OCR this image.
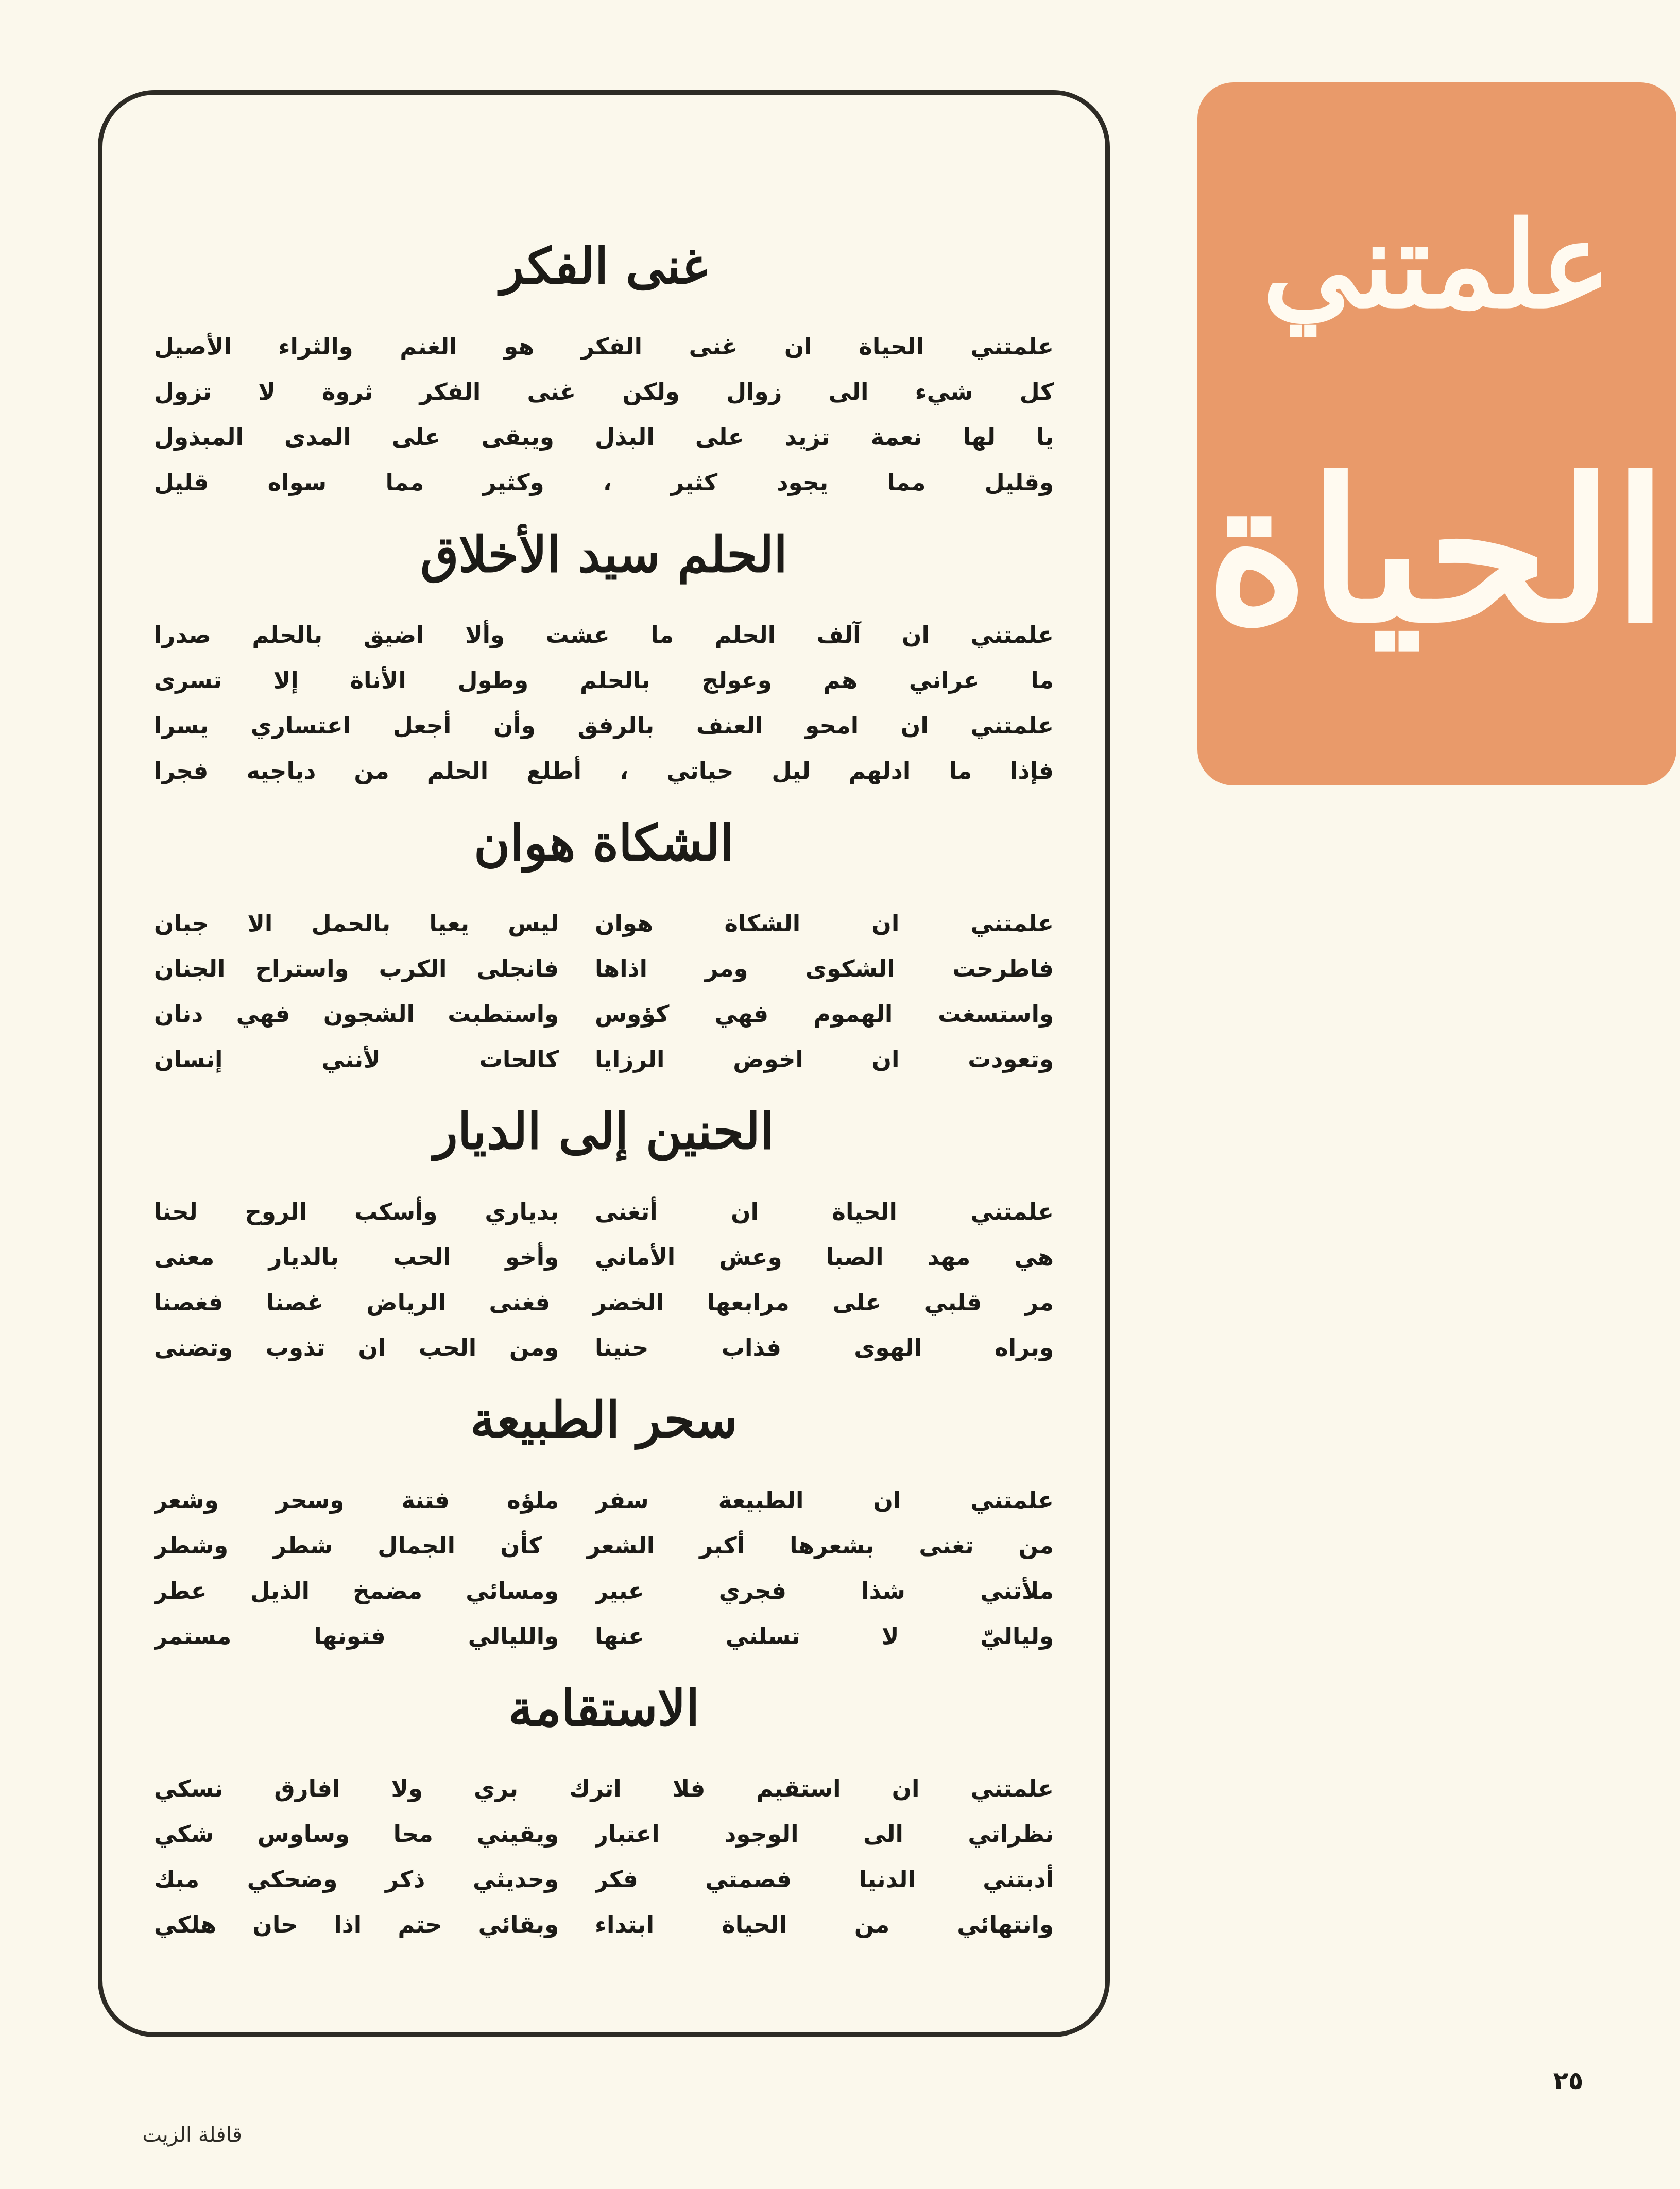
علمتني
الحياة
غنى الفكر
علمتني الحياة ان غنى الفكر هو الغنم والثراء الأصيل
كل شيء الى زوال ولكن غنى الفكر ثروة لا تزول
يا لها نعمة تزيد على البذل ويبقى على المدى المبذول
وقليل مما يجود كثير ، وكثير مما سواه قليل
الحلم سيد الأخلاق
علمتني ان آلف الحلم ما عشت وألا اضيق بالحلم صدرا
ما عراني هم وعولج بالحلم وطول الأناة إلا تسرى
علمتني ان امحو العنف بالرفق وأن أجعل اعتساري يسرا
فإذا ما ادلهم ليل حياتي ، أطلع الحلم من دياجيه فجرا
الشكاة هوان
علمتني ان الشكاة هوان
ليس يعيا بالحمل الا جبان
فاطرحت الشكوى ومر اذاها
فانجلى الكرب واستراح الجنان
واستسغت الهموم فهي كؤوس
واستطبت الشجون فهي دنان
وتعودت ان اخوض الرزايا
كالحات لأنني إنسان
الحنين إلى الديار
علمتني الحياة ان أتغنى
بدياري وأسكب الروح لحنا
هي مهد الصبا وعش الأماني
وأخو الحب بالديار معنى
مر قلبي على مرابعها الخضر فغنى الرياض غصنا فغصنا
وبراه الهوى فذاب حنينا
ومن الحب ان تذوب وتضنى
سحر الطبيعة
علمتني ان الطبيعة سفر
ملؤه فتنة وسحر وشعر
من تغنى بشعرها أكبر الشعر كأن الجمال شطر وشطر
ملأتني شذا فجري عبير
ومسائي مضمخ الذيل عطر
ولياليّ لا تسلني عنها
والليالي فتونها مستمر
الاستقامة
علمتني ان استقيم فلا اترك بري ولا افارق نسكي
نظراتي الى الوجود اعتبار
ويقيني محا وساوس شكي
أدبتني الدنيا فصمتي فكر
وحديثي ذكر وضحكي مبك
وانتهائي من الحياة ابتداء
وبقائي حتم اذا حان هلكي
٢٥
قافلة الزيت
